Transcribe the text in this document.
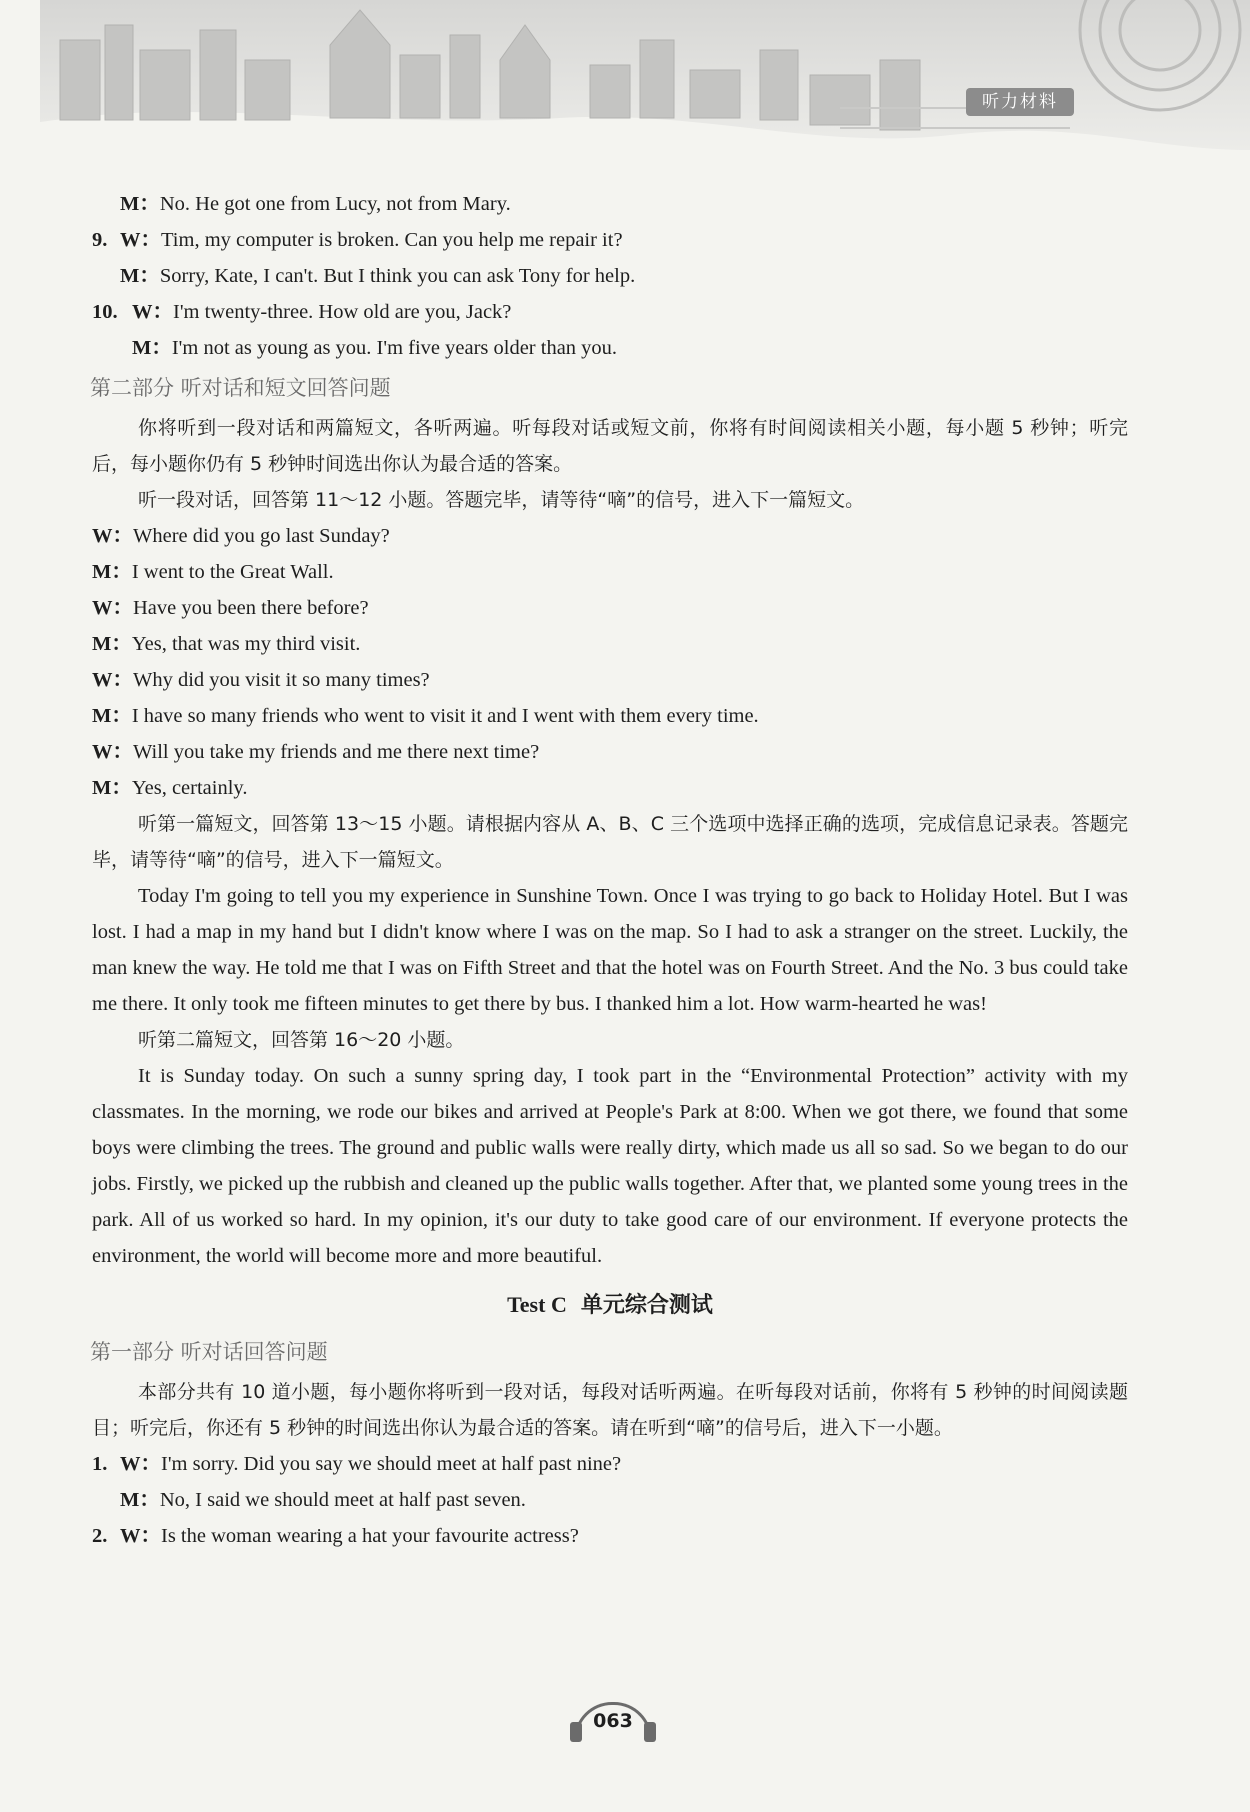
听力材料
M：No. He got one from Lucy, not from Mary.
9. W：Tim, my computer is broken. Can you help me repair it?
M：Sorry, Kate, I can't. But I think you can ask Tony for help.
10. W：I'm twenty-three. How old are you, Jack?
M：I'm not as young as you. I'm five years older than you.
第二部分 听对话和短文回答问题
你将听到一段对话和两篇短文，各听两遍。听每段对话或短文前，你将有时间阅读相关小题，每小题 5 秒钟；听完后，每小题你仍有 5 秒钟时间选出你认为最合适的答案。
听一段对话，回答第 11～12 小题。答题完毕，请等待“嘀”的信号，进入下一篇短文。
W：Where did you go last Sunday?
M：I went to the Great Wall.
W：Have you been there before?
M：Yes, that was my third visit.
W：Why did you visit it so many times?
M：I have so many friends who went to visit it and I went with them every time.
W：Will you take my friends and me there next time?
M：Yes, certainly.
听第一篇短文，回答第 13～15 小题。请根据内容从 A、B、C 三个选项中选择正确的选项，完成信息记录表。答题完毕，请等待“嘀”的信号，进入下一篇短文。
Today I'm going to tell you my experience in Sunshine Town. Once I was trying to go back to Holiday Hotel. But I was lost. I had a map in my hand but I didn't know where I was on the map. So I had to ask a stranger on the street. Luckily, the man knew the way. He told me that I was on Fifth Street and that the hotel was on Fourth Street. And the No. 3 bus could take me there. It only took me fifteen minutes to get there by bus. I thanked him a lot. How warm-hearted he was!
听第二篇短文，回答第 16～20 小题。
It is Sunday today. On such a sunny spring day, I took part in the “Environmental Protection” activity with my classmates. In the morning, we rode our bikes and arrived at People's Park at 8:00. When we got there, we found that some boys were climbing the trees. The ground and public walls were really dirty, which made us all so sad. So we began to do our jobs. Firstly, we picked up the rubbish and cleaned up the public walls together. After that, we planted some young trees in the park. All of us worked so hard. In my opinion, it's our duty to take good care of our environment. If everyone protects the environment, the world will become more and more beautiful.
Test C 单元综合测试
第一部分 听对话回答问题
本部分共有 10 道小题，每小题你将听到一段对话，每段对话听两遍。在听每段对话前，你将有 5 秒钟的时间阅读题目；听完后，你还有 5 秒钟的时间选出你认为最合适的答案。请在听到“嘀”的信号后，进入下一小题。
1. W：I'm sorry. Did you say we should meet at half past nine?
M：No, I said we should meet at half past seven.
2. W：Is the woman wearing a hat your favourite actress?
063
